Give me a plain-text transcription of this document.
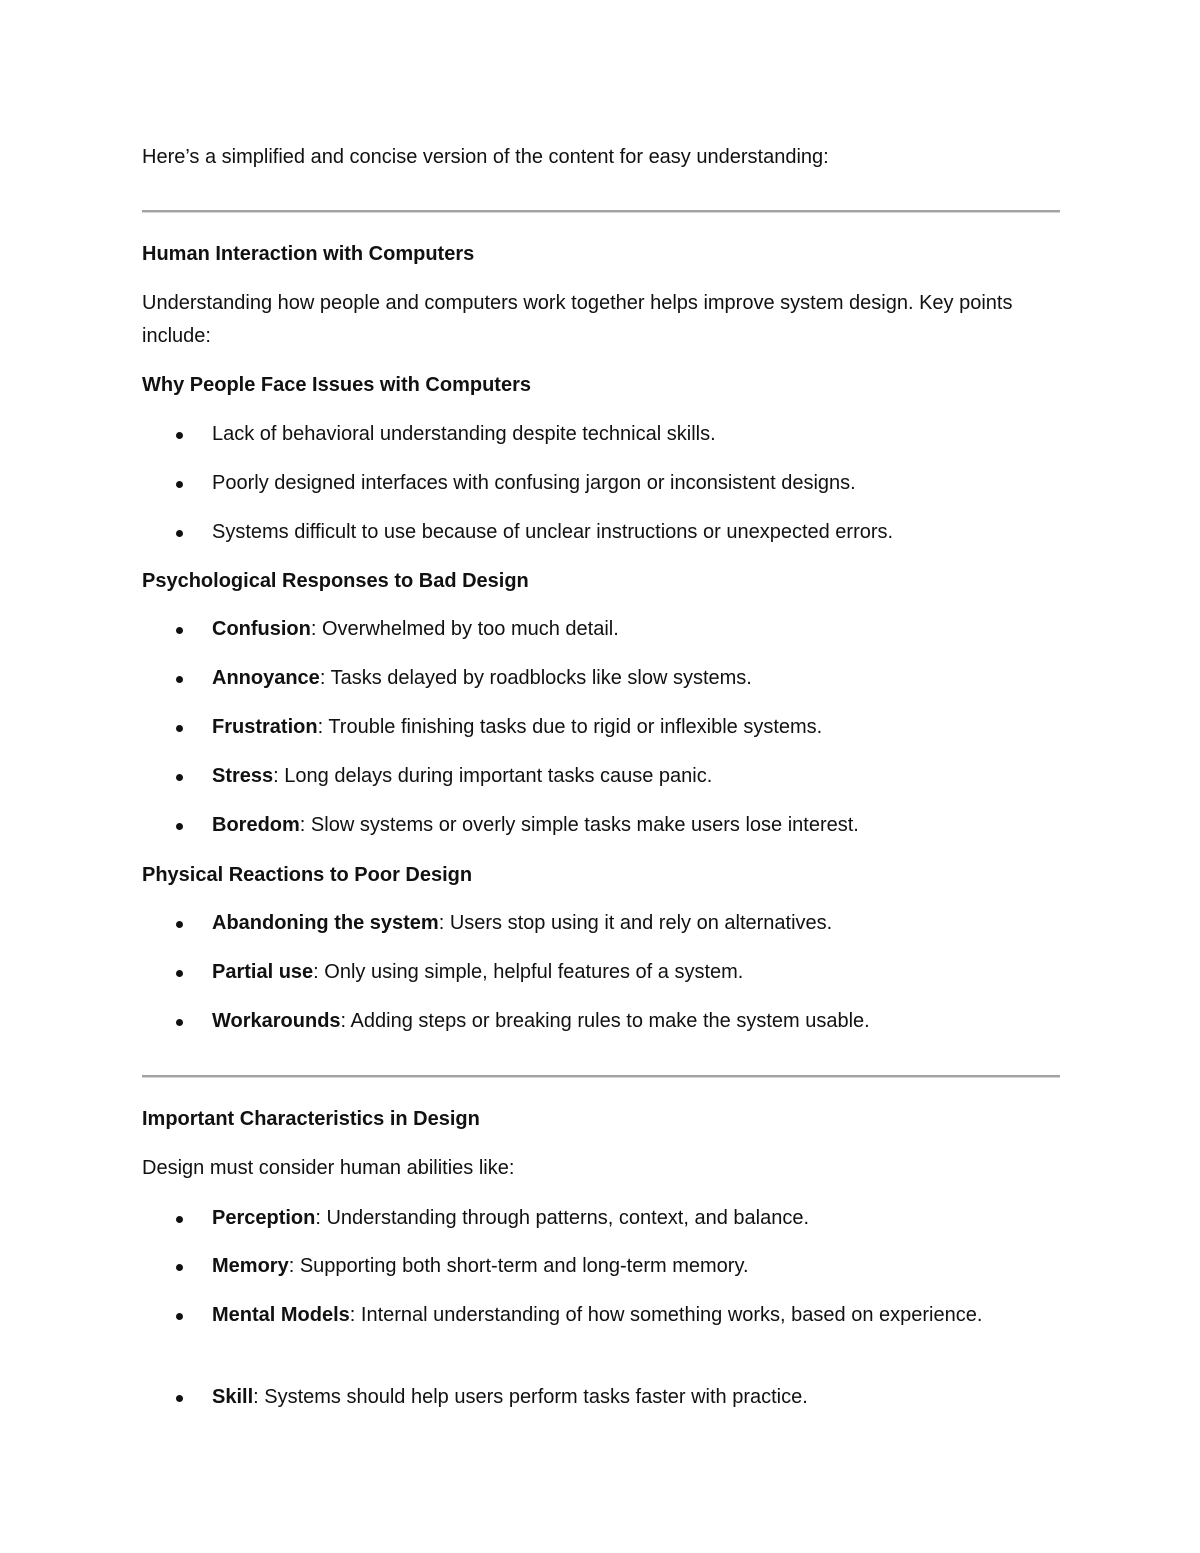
Here’s a simplified and concise version of the content for easy understanding:
Human Interaction with Computers
Understanding how people and computers work together helps improve system design. Key points include:
Why People Face Issues with Computers
Lack of behavioral understanding despite technical skills.
Poorly designed interfaces with confusing jargon or inconsistent designs.
Systems difficult to use because of unclear instructions or unexpected errors.
Psychological Responses to Bad Design
Confusion: Overwhelmed by too much detail.
Annoyance: Tasks delayed by roadblocks like slow systems.
Frustration: Trouble finishing tasks due to rigid or inflexible systems.
Stress: Long delays during important tasks cause panic.
Boredom: Slow systems or overly simple tasks make users lose interest.
Physical Reactions to Poor Design
Abandoning the system: Users stop using it and rely on alternatives.
Partial use: Only using simple, helpful features of a system.
Workarounds: Adding steps or breaking rules to make the system usable.
Important Characteristics in Design
Design must consider human abilities like:
Perception: Understanding through patterns, context, and balance.
Memory: Supporting both short-term and long-term memory.
Mental Models: Internal understanding of how something works, based on experience.
Skill: Systems should help users perform tasks faster with practice.
